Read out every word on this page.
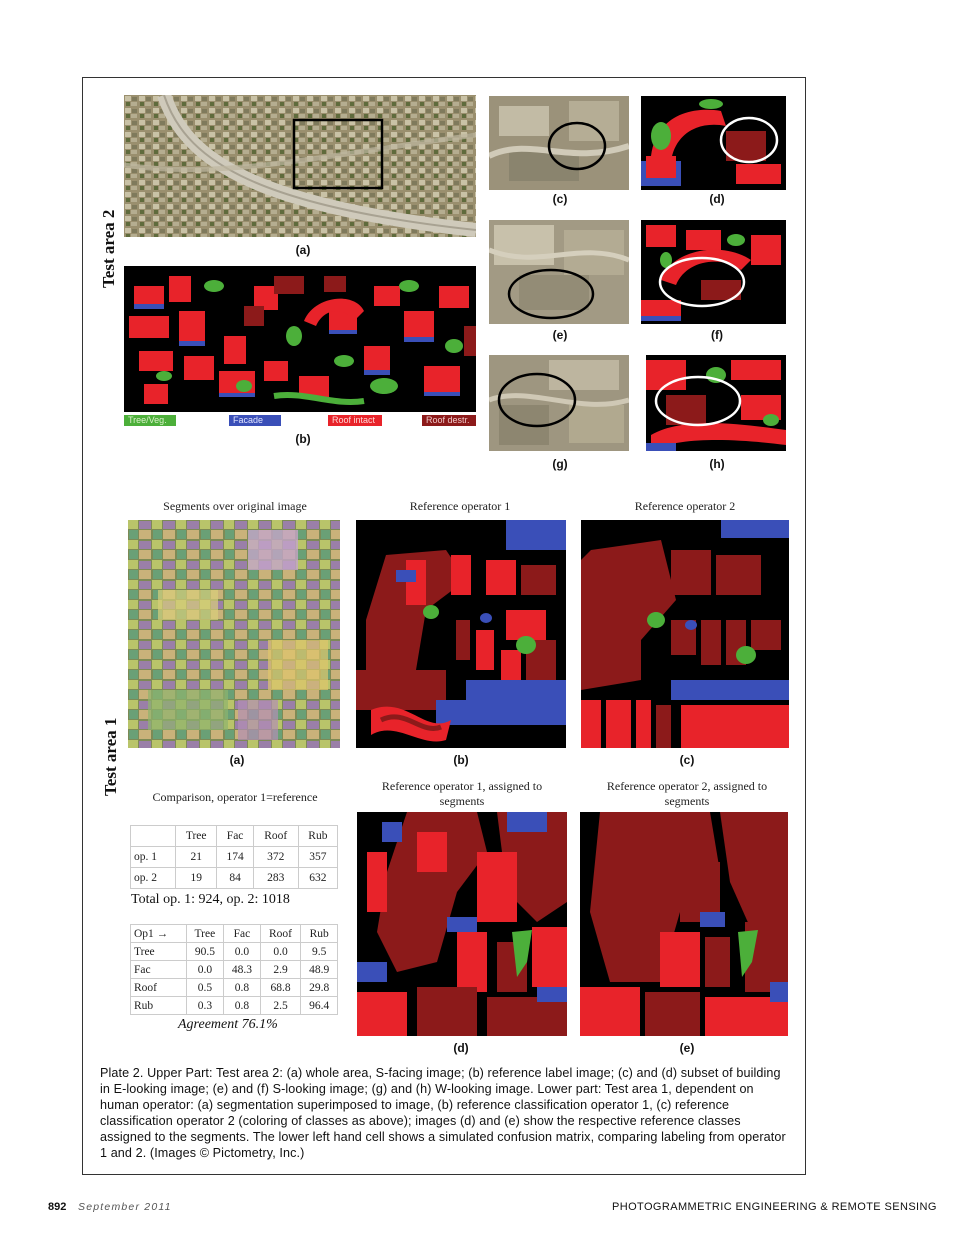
Test area 2	(a)
Tree/Veg.	Facade	Roof intact	Roof destr.
(b)
(c)
(e)
(g)
(d)
(f)
(h)
Test area 1
Segments over original image	Reference operator 1	Reference operator 2
(a)	(b)	(c)
Comparison, operator 1=reference
	Tree	Fac	Roof	Rub
op. 1	21	174	372	357
op. 2	19	84	283	632
Total op. 1: 924, op. 2: 1018
Op1 →	Tree	Fac	Roof	Rub
Tree	90.5	0.0	0.0	9.5
Fac	0.0	48.3	2.9	48.9
Roof	0.5	0.8	68.8	29.8
Rub	0.3	0.8	2.5	96.4
Agreement 76.1%
Reference operator 1, assigned to segments
Reference operator 2, assigned to segments
(d)	(e)
Plate 2. Upper Part: Test area 2: (a) whole area, S-facing image; (b) reference label image; (c) and (d) subset of building in E-looking image; (e) and (f) S-looking image; (g) and (h) W-looking image. Lower part: Test area 1, dependent on human operator: (a) segmentation superimposed to image, (b) reference classification operator 1, (c) reference classification operator 2 (coloring of classes as above); images (d) and (e) show the respective reference classes assigned to the segments. The lower left hand cell shows a simulated confusion matrix, comparing labeling from operator 1 and 2. (Images © Pictometry, Inc.)
892 September 2011	PHOTOGRAMMETRIC ENGINEERING & REMOTE SENSING
